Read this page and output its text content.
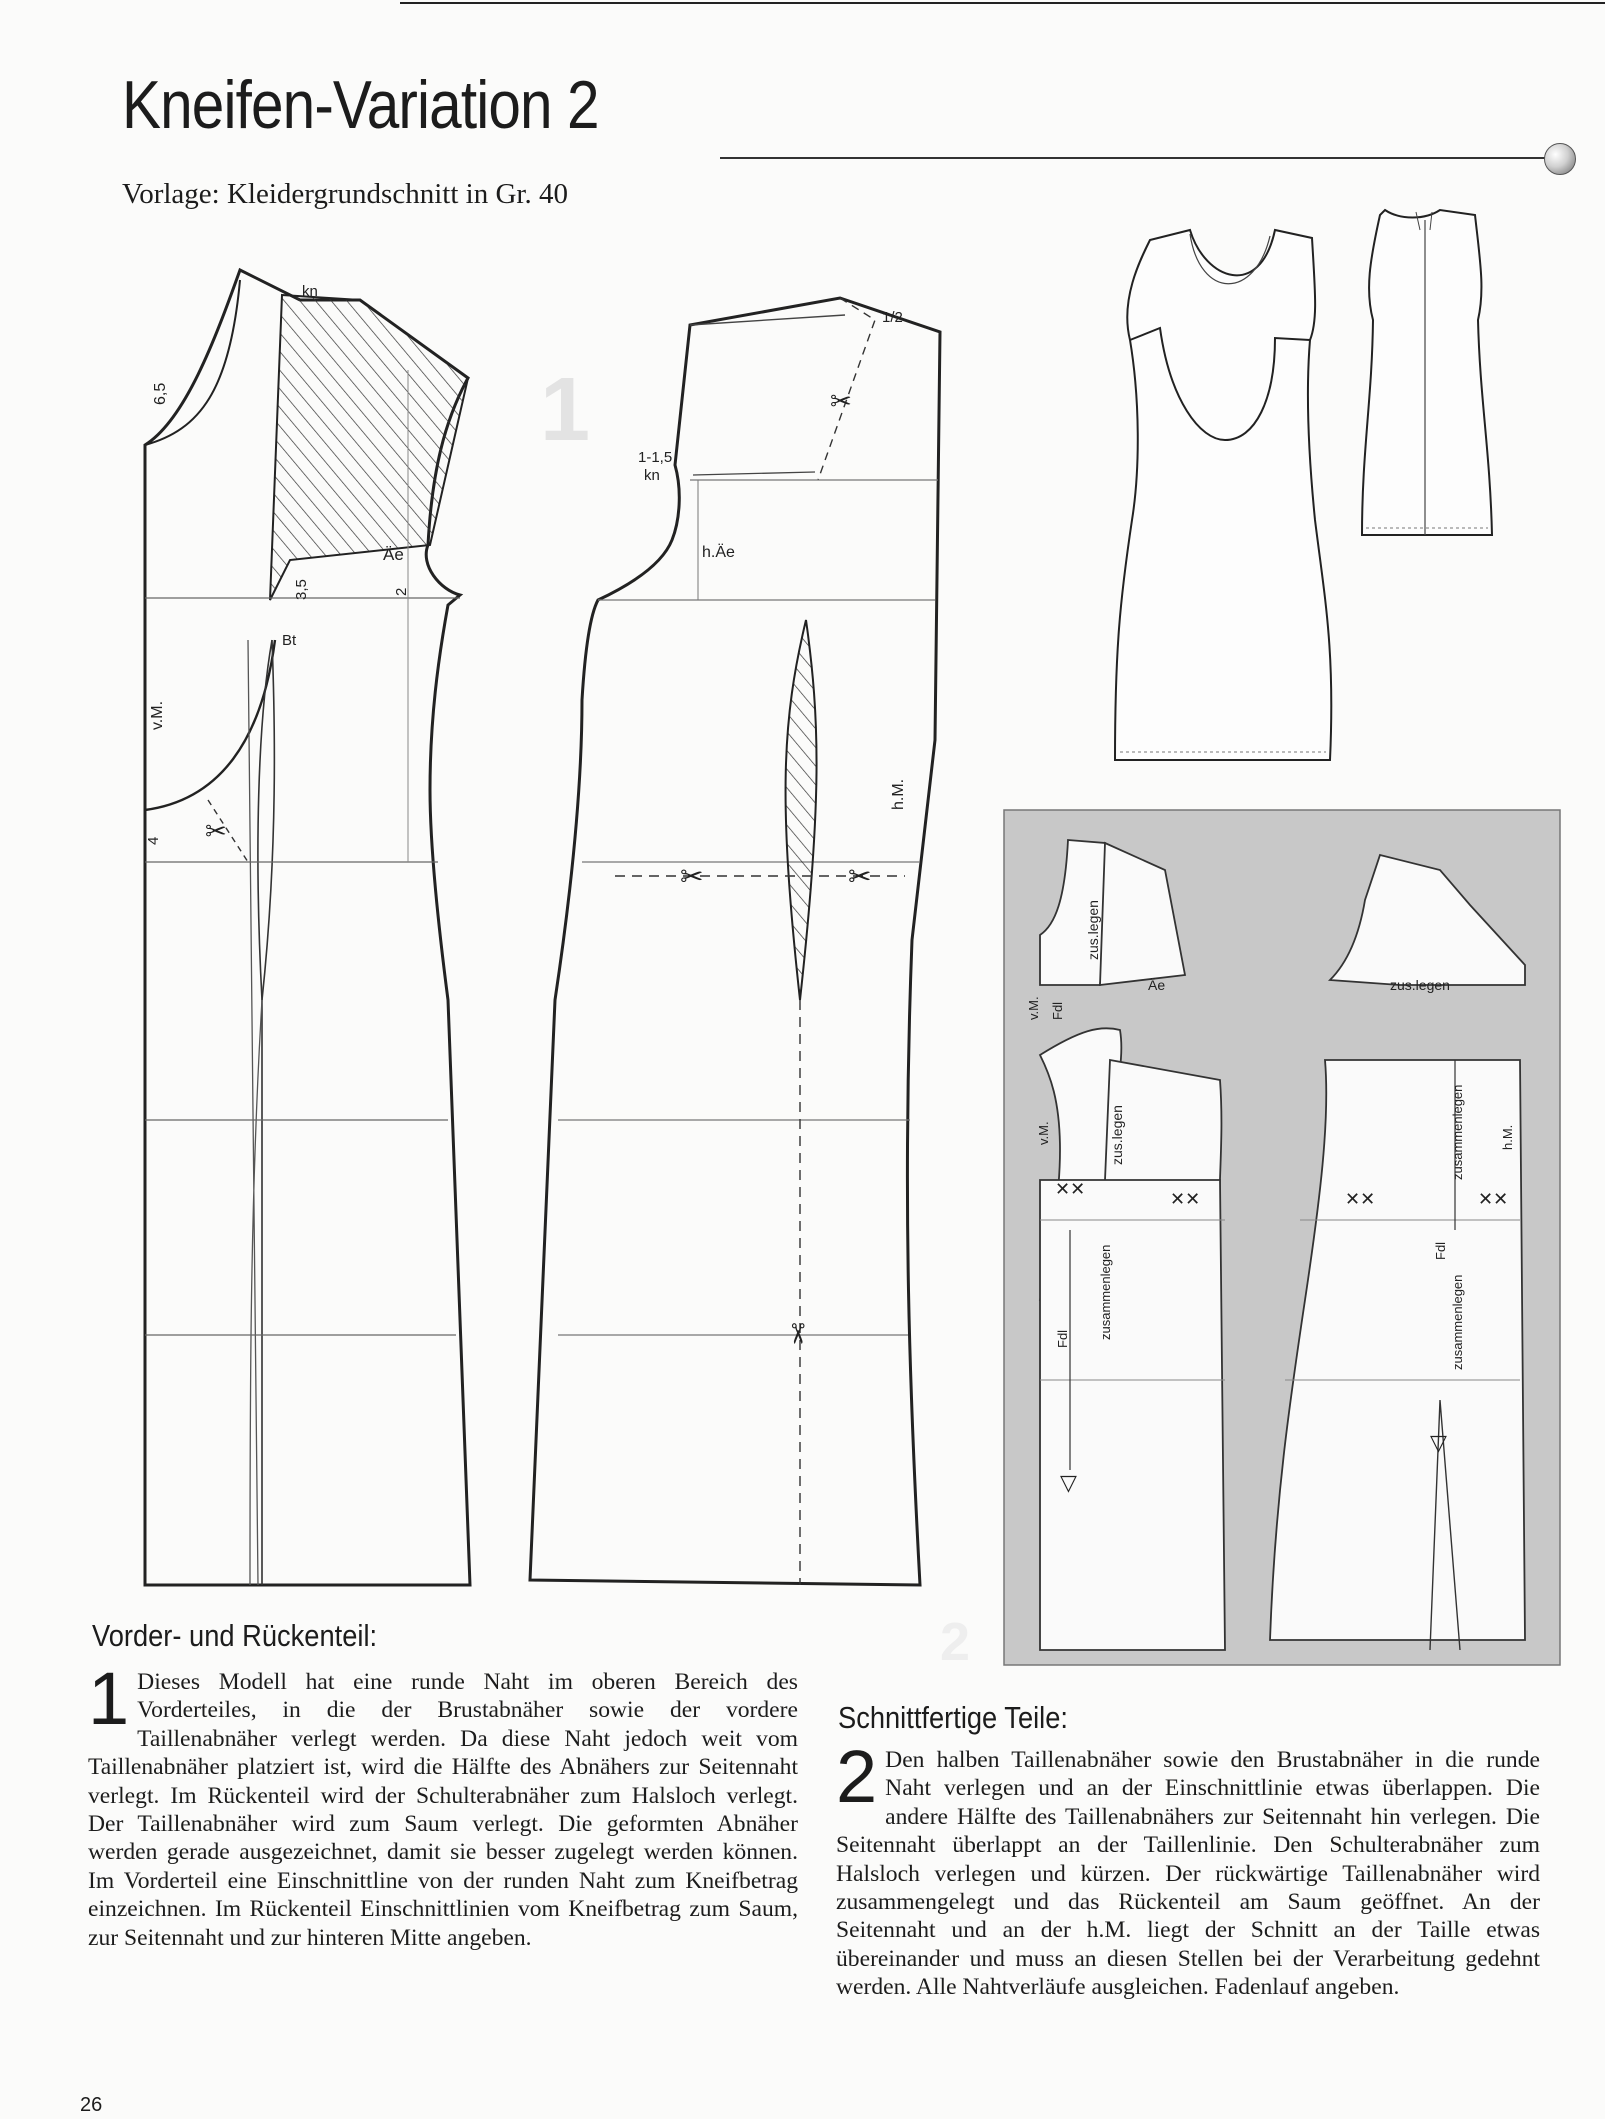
Kneifen-Variation 2
Vorlage: Kleidergrundschnitt in Gr. 40
✂
kn
6,5
Äe
2
3,5
Bt
v.M.
4
1	✂
✂	✂
✂
1/2
1-1,5
kn
h.Äe
h.M.
✕✕	✕✕	✕✕	✕✕
▽
▽
zus.legen
zus.legen
zus.legen
zusammenlegen
zusammenlegen
zusammenlegen
Äe
v.M.
v.M.
Fdl
Fdl
Fdl
h.M.
2
Vorder- und Rückenteil:

1 Dieses Modell hat eine runde Naht im oberen Bereich des Vorderteiles, in die der Brustabnäher sowie der vordere Taillenabnäher verlegt werden. Da diese Naht jedoch weit vom Taillenabnäher platziert ist, wird die Hälfte des Abnähers zur Seitennaht verlegt. Im Rückenteil wird der Schulterabnäher zum Halsloch verlegt. Der Taillenabnäher wird zum Saum verlegt. Die geformten Abnäher werden gerade ausgezeichnet, damit sie besser zugelegt werden können. Im Vorderteil eine Einschnittline von der runden Naht zum Kneifbetrag einzeichnen. Im Rückenteil Einschnittlinien vom Kneifbetrag zum Saum, zur Seitennaht und zur hinteren Mitte angeben.

Schnittfertige Teile:

2 Den halben Taillenabnäher sowie den Brustabnäher in die runde Naht verlegen und an der Einschnittlinie etwas überlappen. Die andere Hälfte des Taillenabnähers zur Seitennaht hin verlegen. Die Seitennaht überlappt an der Taillenlinie. Den Schulterabnäher zum Halsloch verlegen und kürzen. Der rückwärtige Taillenabnäher wird zusammengelegt und das Rückenteil am Saum geöffnet. An der Seitennaht und an der h.M. liegt der Schnitt an der Taille etwas übereinander und muss an diesen Stellen bei der Verarbeitung gedehnt werden. Alle Nahtverläufe ausgleichen. Fadenlauf angeben.

26
